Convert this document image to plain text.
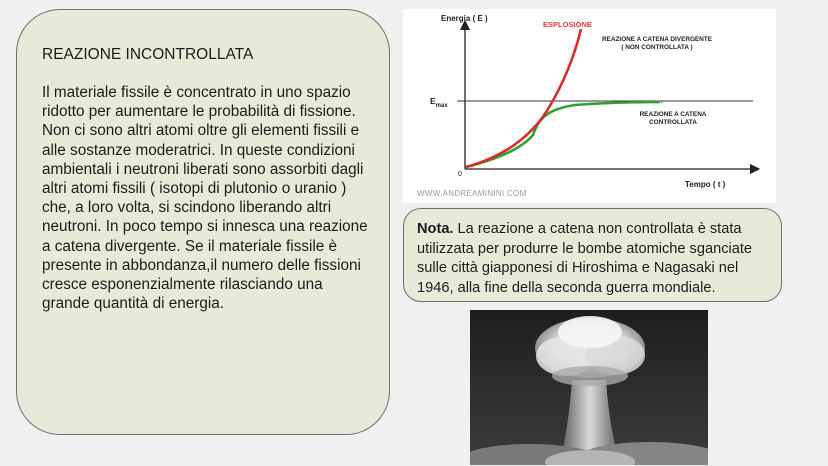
REAZIONE INCONTROLLATA

Il materiale fissile è concentrato in uno spazio ridotto per aumentare le probabilità di fissione. Non ci sono altri atomi oltre gli elementi fissili e alle sostanze moderatrici. In queste condizioni ambientali i neutroni liberati sono assorbiti dagli altri atomi fissili ( isotopi di plutonio o uranio ) che, a loro volta, si scindono liberando altri neutroni. In poco tempo si innesca una reazione a catena divergente. Se il materiale fissile è presente in abbondanza,il numero delle fissioni cresce esponenzialmente rilasciando una grande quantità di energia.

Energia ( E )
Tempo ( t )
0
$E_{max}$
ESPLOSIONE
REAZIONE A CATENA DIVERGENTE ( NON CONTROLLATA )
REAZIONE A CATENA CONTROLLATA
WWW.ANDREAMININI.COM
Nota. La reazione a catena non controllata è stata utilizzata per produrre le bombe atomiche sganciate sulle città giapponesi di Hiroshima e Nagasaki nel 1946, alla fine della seconda guerra mondiale.
